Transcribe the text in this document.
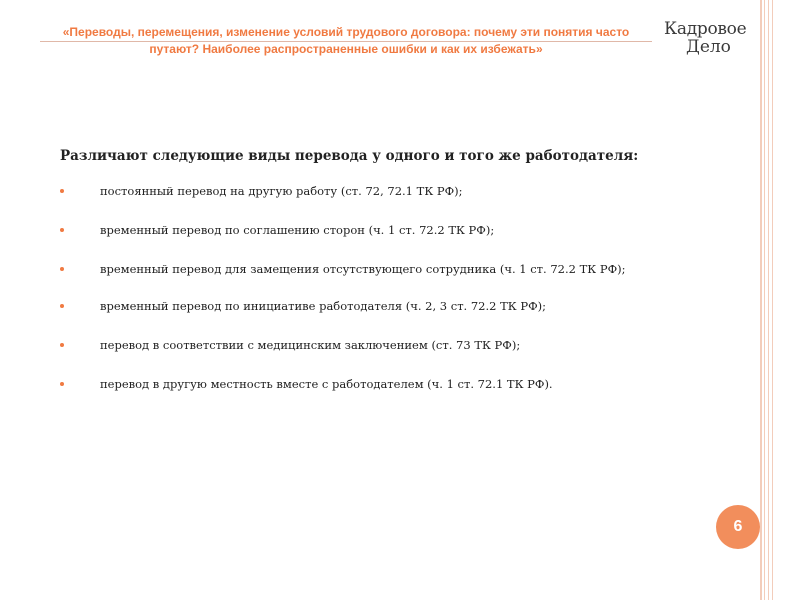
«Переводы, перемещения, изменение условий трудового договора: почему эти понятия часто путают? Наиболее распространенные ошибки и как их избежать»
Кадровое
Дело

Различают следующие виды перевода у одного и того же работодателя:

постоянный перевод на другую работу (ст. 72, 72.1 ТК РФ);
временный перевод по соглашению сторон (ч. 1 ст. 72.2 ТК РФ);
временный перевод для замещения отсутствующего сотрудника (ч. 1 ст. 72.2 ТК РФ);
временный перевод по инициативе работодателя (ч. 2, 3 ст. 72.2 ТК РФ);
перевод в соответствии с медицинским заключением (ст. 73 ТК РФ);
перевод в другую местность вместе с работодателем (ч. 1 ст. 72.1 ТК РФ).
6
